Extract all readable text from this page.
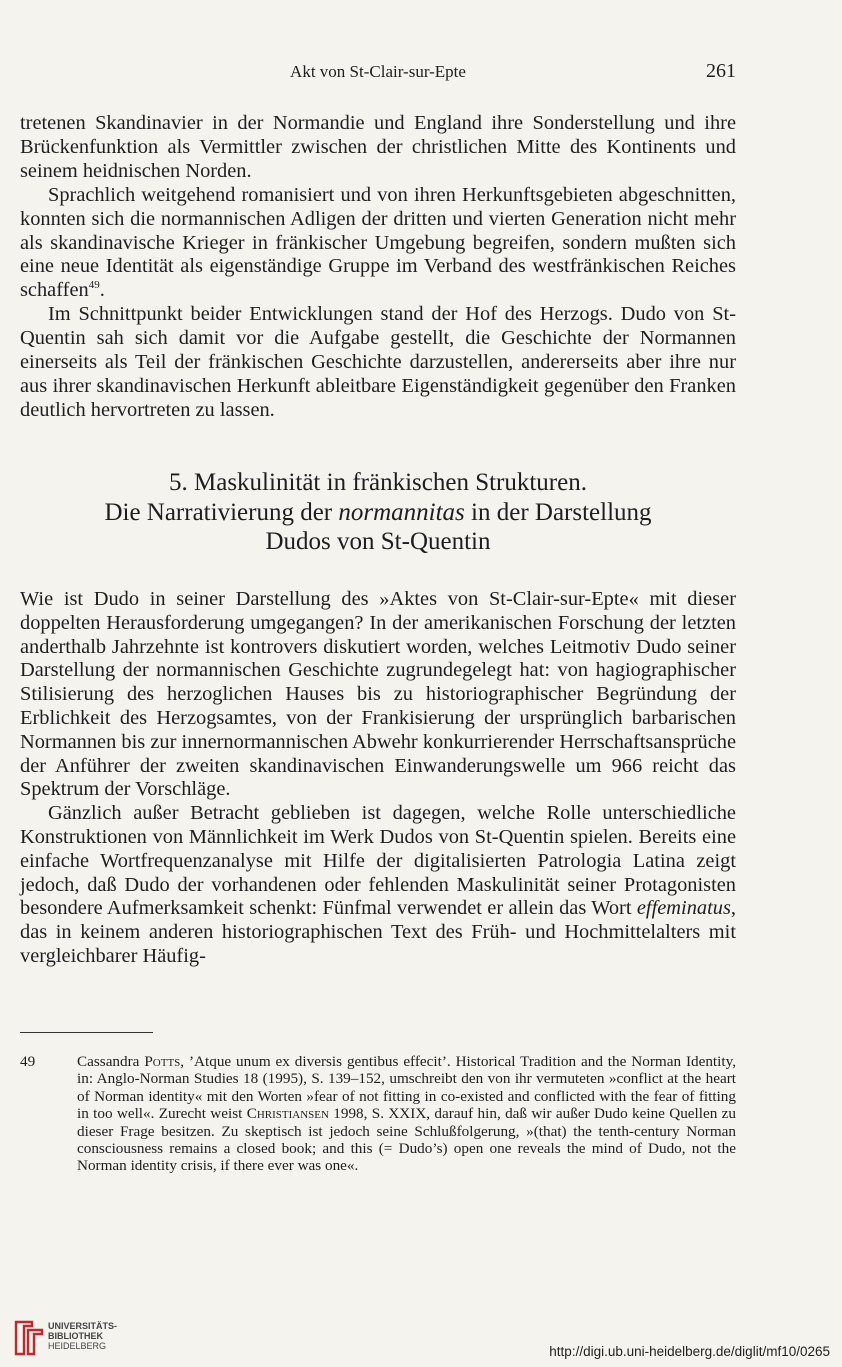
Akt von St-Clair-sur-Epte	261

tretenen Skandinavier in der Normandie und England ihre Sonderstellung und ihre Brückenfunktion als Vermittler zwischen der christlichen Mitte des Kontinents und seinem heidnischen Norden.

Sprachlich weitgehend romanisiert und von ihren Herkunftsgebieten abgeschnitten, konnten sich die normannischen Adligen der dritten und vierten Generation nicht mehr als skandinavische Krieger in fränkischer Umgebung begreifen, sondern mußten sich eine neue Identität als eigenständige Gruppe im Verband des westfränkischen Reiches schaffen$^{49}$.

Im Schnittpunkt beider Entwicklungen stand der Hof des Herzogs. Dudo von St-Quentin sah sich damit vor die Aufgabe gestellt, die Geschichte der Normannen einerseits als Teil der fränkischen Geschichte darzustellen, andererseits aber ihre nur aus ihrer skandinavischen Herkunft ableitbare Eigenständigkeit gegenüber den Franken deutlich hervortreten zu lassen.

5. Maskulinität in fränkischen Strukturen.
Die Narrativierung der normannitas in der Darstellung
Dudos von St-Quentin

Wie ist Dudo in seiner Darstellung des »Aktes von St-Clair-sur-Epte« mit dieser doppelten Herausforderung umgegangen? In der amerikanischen Forschung der letzten anderthalb Jahrzehnte ist kontrovers diskutiert worden, welches Leitmotiv Dudo seiner Darstellung der normannischen Geschichte zugrundegelegt hat: von hagiographischer Stilisierung des herzoglichen Hauses bis zu historiographischer Begründung der Erblichkeit des Herzogsamtes, von der Frankisierung der ursprünglich barbarischen Normannen bis zur innernormannischen Abwehr konkurrierender Herrschaftsansprüche der Anführer der zweiten skandinavischen Einwanderungswelle um 966 reicht das Spektrum der Vorschläge.

Gänzlich außer Betracht geblieben ist dagegen, welche Rolle unterschiedliche Konstruktionen von Männlichkeit im Werk Dudos von St-Quentin spielen. Bereits eine einfache Wortfrequenzanalyse mit Hilfe der digitalisierten Patrologia Latina zeigt jedoch, daß Dudo der vorhandenen oder fehlenden Maskulinität seiner Protagonisten besondere Aufmerksamkeit schenkt: Fünfmal verwendet er allein das Wort effeminatus, das in keinem anderen historiographischen Text des Früh- und Hochmittelalters mit vergleichbarer Häufig-

49	Cassandra Potts, ’Atque unum ex diversis gentibus effecit’. Historical Tradition and the Norman Identity, in: Anglo-Norman Studies 18 (1995), S. 139–152, umschreibt den von ihr vermuteten »conflict at the heart of Norman identity« mit den Worten »fear of not fitting in co-existed and conflicted with the fear of fitting in too well«. Zurecht weist Christiansen 1998, S. XXIX, darauf hin, daß wir außer Dudo keine Quellen zu dieser Frage besitzen. Zu skeptisch ist jedoch seine Schlußfolgerung, »(that) the tenth-century Norman consciousness remains a closed book; and this (= Dudo’s) open one reveals the mind of Dudo, not the Norman identity crisis, if there ever was one«.
UNIVERSITÄTS-
BIBLIOTHEK
HEIDELBERG	http://digi.ub.uni-heidelberg.de/diglit/mf10/0265
